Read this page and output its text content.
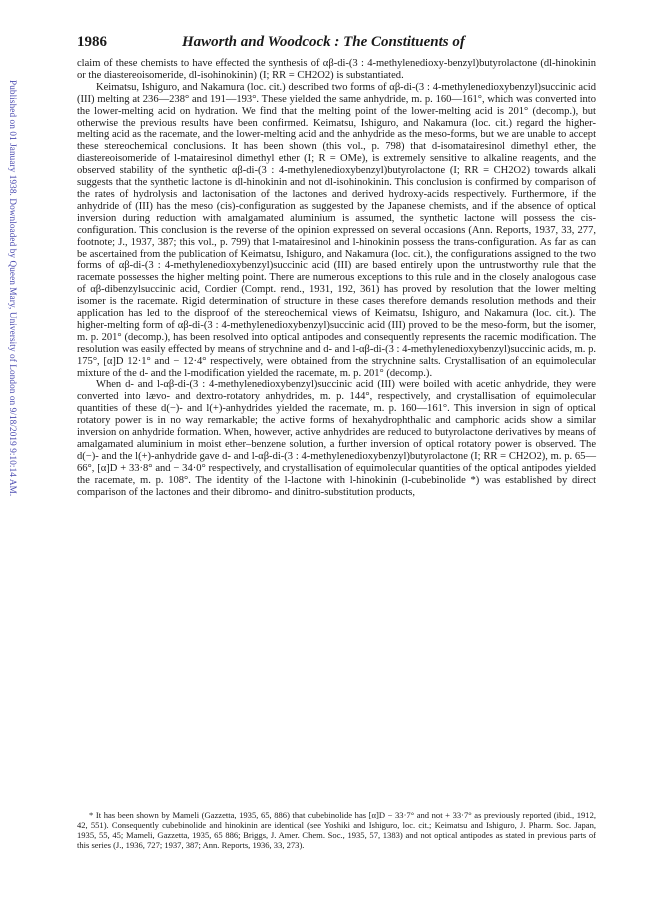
Published on 01 January 1938. Downloaded by Queen Mary, University of London on 9/18/2019 9:10:14 AM.
1986	Haworth and Woodcock : The Constituents of

claim of these chemists to have effected the synthesis of αβ-di-(3 : 4-methylenedioxy-benzyl)butyrolactone (dl-hinokinin or the diastereoisomeride, dl-isohinokinin) (I; RR = CH2O2) is substantiated.

Keimatsu, Ishiguro, and Nakamura (loc. cit.) described two forms of αβ-di-(3 : 4-methylenedioxybenzyl)succinic acid (III) melting at 236—238° and 191—193°. These yielded the same anhydride, m. p. 160—161°, which was converted into the lower-melting acid on hydration. We find that the melting point of the lower-melting acid is 201° (decomp.), but otherwise the previous results have been confirmed. Keimatsu, Ishiguro, and Nakamura (loc. cit.) regard the higher-melting acid as the racemate, and the lower-melting acid and the anhydride as the meso-forms, but we are unable to accept these stereochemical conclusions. It has been shown (this vol., p. 798) that d-isomatairesinol dimethyl ether, the diastereoisomeride of l-matairesinol dimethyl ether (I; R = OMe), is extremely sensitive to alkaline reagents, and the observed stability of the synthetic αβ-di-(3 : 4-methylenedioxybenzyl)butyrolactone (I; RR = CH2O2) towards alkali suggests that the synthetic lactone is dl-hinokinin and not dl-isohinokinin. This conclusion is confirmed by comparison of the rates of hydrolysis and lactonisation of the lactones and derived hydroxy-acids respectively. Furthermore, if the anhydride of (III) has the meso (cis)-configuration as suggested by the Japanese chemists, and if the absence of optical inversion during reduction with amalgamated aluminium is assumed, the synthetic lactone will possess the cis-configuration. This conclusion is the reverse of the opinion expressed on several occasions (Ann. Reports, 1937, 33, 277, footnote; J., 1937, 387; this vol., p. 799) that l-matairesinol and l-hinokinin possess the trans-configuration. As far as can be ascertained from the publication of Keimatsu, Ishiguro, and Nakamura (loc. cit.), the configurations assigned to the two forms of αβ-di-(3 : 4-methylenedioxybenzyl)succinic acid (III) are based entirely upon the untrustworthy rule that the racemate possesses the higher melting point. There are numerous exceptions to this rule and in the closely analogous case of αβ-dibenzylsuccinic acid, Cordier (Compt. rend., 1931, 192, 361) has proved by resolution that the lower melting isomer is the racemate. Rigid determination of structure in these cases therefore demands resolution methods and their application has led to the disproof of the stereochemical views of Keimatsu, Ishiguro, and Nakamura (loc. cit.). The higher-melting form of αβ-di-(3 : 4-methylenedioxybenzyl)succinic acid (III) proved to be the meso-form, but the isomer, m. p. 201° (decomp.), has been resolved into optical antipodes and consequently represents the racemic modification. The resolution was easily effected by means of strychnine and d- and l-αβ-di-(3 : 4-methylenedioxybenzyl)succinic acids, m. p. 175°, [α]D 12·1° and − 12·4° respectively, were obtained from the strychnine salts. Crystallisation of an equimolecular mixture of the d- and the l-modification yielded the racemate, m. p. 201° (decomp.).

When d- and l-αβ-di-(3 : 4-methylenedioxybenzyl)succinic acid (III) were boiled with acetic anhydride, they were converted into lævo- and dextro-rotatory anhydrides, m. p. 144°, respectively, and crystallisation of equimolecular quantities of these d(−)- and l(+)-anhydrides yielded the racemate, m. p. 160—161°. This inversion in sign of optical rotatory power is in no way remarkable; the active forms of hexahydrophthalic and camphoric acids show a similar inversion on anhydride formation. When, however, active anhydrides are reduced to butyrolactone derivatives by means of amalgamated aluminium in moist ether–benzene solution, a further inversion of optical rotatory power is observed. The d(−)- and the l(+)-anhydride gave d- and l-αβ-di-(3 : 4-methylenedioxybenzyl)butyrolactone (I; RR = CH2O2), m. p. 65—66°, [α]D + 33·8° and − 34·0° respectively, and crystallisation of equimolecular quantities of the optical antipodes yielded the racemate, m. p. 108°. The identity of the l-lactone with l-hinokinin (l-cubebinolide *) was established by direct comparison of the lactones and their dibromo- and dinitro-substitution products,

* It has been shown by Mameli (Gazzetta, 1935, 65, 886) that cubebinolide has [α]D − 33·7° and not + 33·7° as previously reported (ibid., 1912, 42, 551). Consequently cubebinolide and hinokinin are identical (see Yoshiki and Ishiguro, loc. cit.; Keimatsu and Ishiguro, J. Pharm. Soc. Japan, 1935, 55, 45; Mameli, Gazzetta, 1935, 65 886; Briggs, J. Amer. Chem. Soc., 1935, 57, 1383) and not optical antipodes as stated in previous parts of this series (J., 1936, 727; 1937, 387; Ann. Reports, 1936, 33, 273).
